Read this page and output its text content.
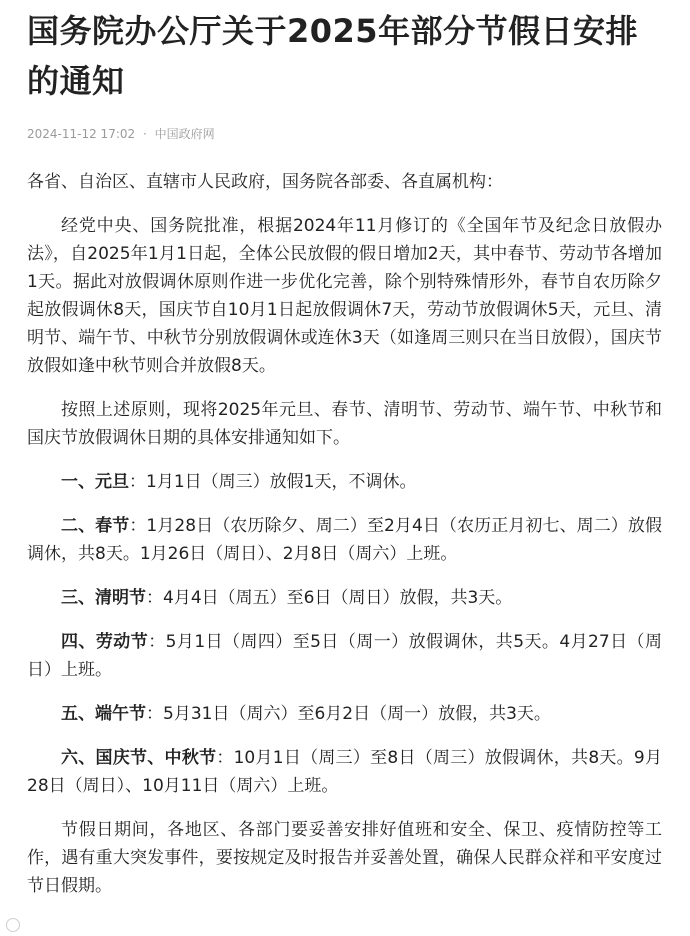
国务院办公厅关于2025年部分节假日安排的通知
2024-11-12 17:02 · 中国政府网

各省、自治区、直辖市人民政府，国务院各部委、各直属机构：

经党中央、国务院批准，根据2024年11月修订的《全国年节及纪念日放假办法》，自2025年1月1日起，全体公民放假的假日增加2天，其中春节、劳动节各增加1天。据此对放假调休原则作进一步优化完善，除个别特殊情形外，春节自农历除夕起放假调休8天，国庆节自10月1日起放假调休7天，劳动节放假调休5天，元旦、清明节、端午节、中秋节分别放假调休或连休3天（如逢周三则只在当日放假），国庆节放假如逢中秋节则合并放假8天。

按照上述原则，现将2025年元旦、春节、清明节、劳动节、端午节、中秋节和国庆节放假调休日期的具体安排通知如下。

一、元旦：1月1日（周三）放假1天，不调休。

二、春节：1月28日（农历除夕、周二）至2月4日（农历正月初七、周二）放假调休，共8天。1月26日（周日）、2月8日（周六）上班。

三、清明节：4月4日（周五）至6日（周日）放假，共3天。

四、劳动节：5月1日（周四）至5日（周一）放假调休，共5天。4月27日（周日）上班。

五、端午节：5月31日（周六）至6月2日（周一）放假，共3天。

六、国庆节、中秋节：10月1日（周三）至8日（周三）放假调休，共8天。9月28日（周日）、10月11日（周六）上班。

节假日期间，各地区、各部门要妥善安排好值班和安全、保卫、疫情防控等工作，遇有重大突发事件，要按规定及时报告并妥善处置，确保人民群众祥和平安度过节日假期。
